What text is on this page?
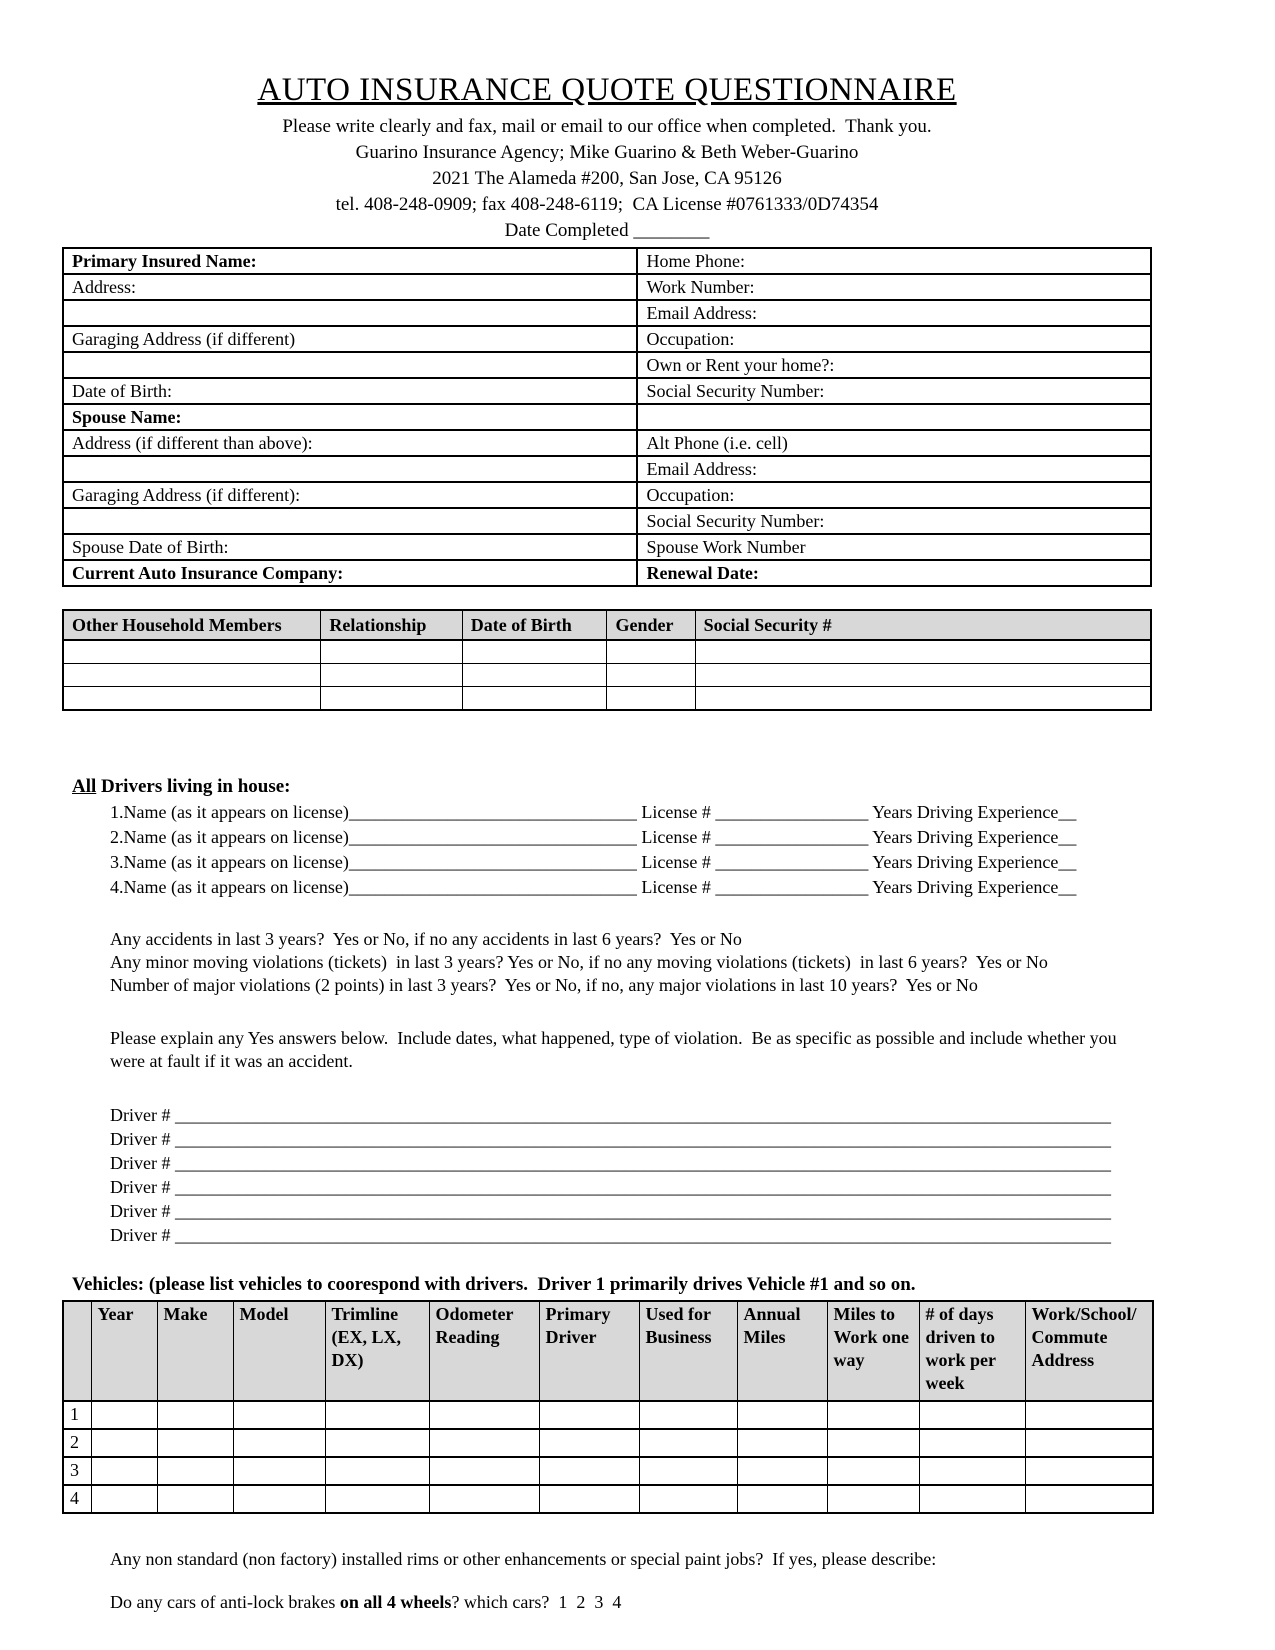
AUTO INSURANCE QUOTE QUESTIONNAIRE
Please write clearly and fax, mail or email to our office when completed.  Thank you.
Guarino Insurance Agency; Mike Guarino & Beth Weber-Guarino
2021 The Alameda #200, San Jose, CA 95126
tel. 408-248-0909; fax 408-248-6119;  CA License #0761333/0D74354
Date Completed ________
Primary Insured Name:	Home Phone:
Address:	Work Number:
	Email Address:
Garaging Address (if different)	Occupation:
	Own or Rent your home?:
Date of Birth:	Social Security Number:
Spouse Name:	
Address (if different than above):	Alt Phone (i.e. cell)
	Email Address:
Garaging Address (if different):	Occupation:
	Social Security Number:
Spouse Date of Birth:	Spouse Work Number
Current Auto Insurance Company:	Renewal Date:
Other Household Members	Relationship	Date of Birth	Gender	Social Security #

All Drivers living in house:
1.Name (as it appears on license)________________________________ License # _________________ Years Driving Experience__
2.Name (as it appears on license)________________________________ License # _________________ Years Driving Experience__
3.Name (as it appears on license)________________________________ License # _________________ Years Driving Experience__
4.Name (as it appears on license)________________________________ License # _________________ Years Driving Experience__
Any accidents in last 3 years?  Yes or No, if no any accidents in last 6 years?  Yes or No
Any minor moving violations (tickets)  in last 3 years? Yes or No, if no any moving violations (tickets)  in last 6 years?  Yes or No
Number of major violations (2 points) in last 3 years?  Yes or No, if no, any major violations in last 10 years?  Yes or No
Please explain any Yes answers below.  Include dates, what happened, type of violation.  Be as specific as possible and include whether you were at fault if it was an accident.
Driver # ________________________________________________________________________________________________________
Driver # ________________________________________________________________________________________________________
Driver # ________________________________________________________________________________________________________
Driver # ________________________________________________________________________________________________________
Driver # ________________________________________________________________________________________________________
Driver # ________________________________________________________________________________________________________
Vehicles: (please list vehicles to coorespond with drivers.  Driver 1 primarily drives Vehicle #1 and so on.
	Year	Make	Model	Trimline (EX, LX, DX)	Odometer Reading	Primary Driver	Used for Business	Annual Miles	Miles to Work one way	# of days driven to work per week	Work/School/ Commute Address
1											
2											
3											
4											
Any non standard (non factory) installed rims or other enhancements or special paint jobs?  If yes, please describe:
Do any cars of anti-lock brakes on all 4 wheels? which cars?  1  2  3  4
